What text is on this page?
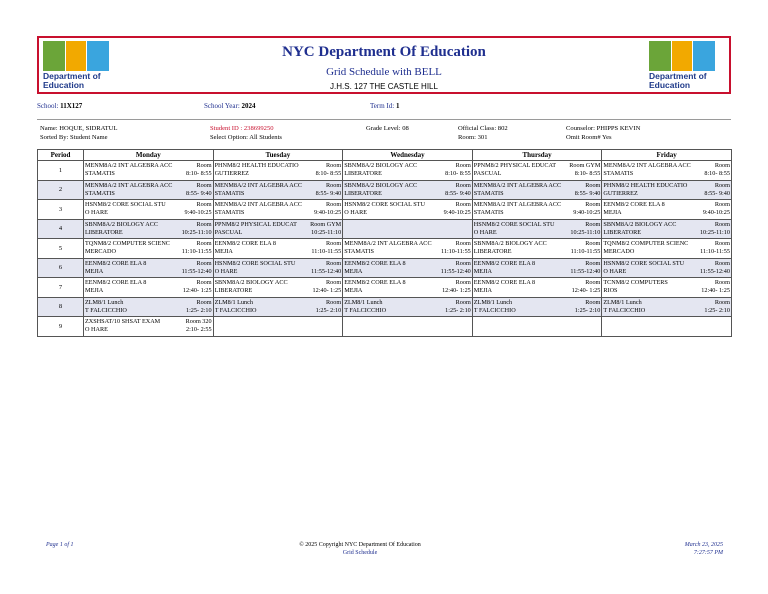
Department of
Education
NYC Department Of Education
Grid Schedule with BELL
J.H.S. 127 THE CASTLE HILL
Department of
Education
School: 11X127	School Year: 2024	Term Id: 1
Name: HOQUE, SIDRATUL
Sorted By: Student Name
Student ID : 238699250
Select Option: All Students
Grade Level: 08	Official Class: 802
Room: 301
Counselor: PHIPPS KEVIN
Omit Room# Yes
Period	Monday	Tuesday	Wednesday	Thursday	Friday
1	MENM8A/2 INT ALGEBRA ACC Room
STAMATIS 8:10- 8:55	PHNM8/2 HEALTH EDUCATIO Room
GUTIERREZ 8:10- 8:55	SBNM8A/2 BIOLOGY ACC Room
LIBERATORE 8:10- 8:55	PPNM8/2 PHYSICAL EDUCAT Room GYM
PASCUAL 8:10- 8:55	MENM8A/2 INT ALGEBRA ACC Room
STAMATIS 8:10- 8:55

2	MENM8A/2 INT ALGEBRA ACC Room
STAMATIS 8:55- 9:40	MENM8A/2 INT ALGEBRA ACC Room
STAMATIS 8:55- 9:40	SBNM8A/2 BIOLOGY ACC Room
LIBERATORE 8:55- 9:40	MENM8A/2 INT ALGEBRA ACC Room
STAMATIS 8:55- 9:40	PHNM8/2 HEALTH EDUCATIO Room
GUTIERREZ 8:55- 9:40

3	HSNM8/2 CORE SOCIAL STU Room
O HARE 9:40-10:25	MENM8A/2 INT ALGEBRA ACC Room
STAMATIS 9:40-10:25	HSNM8/2 CORE SOCIAL STU Room
O HARE 9:40-10:25	MENM8A/2 INT ALGEBRA ACC Room
STAMATIS 9:40-10:25	EENM8/2 CORE ELA 8 Room
MEJIA 9:40-10:25

4	SBNM8A/2 BIOLOGY ACC Room
LIBERATORE 10:25-11:10	PPNM8/2 PHYSICAL EDUCAT Room GYM
PASCUAL 10:25-11:10		HSNM8/2 CORE SOCIAL STU Room
O HARE 10:25-11:10	SBNM8A/2 BIOLOGY ACC Room
LIBERATORE 10:25-11:10

5	TQNM8/2 COMPUTER SCIENC Room
MERCADO 11:10-11:55	EENM8/2 CORE ELA 8 Room
MEJIA 11:10-11:55	MENM8A/2 INT ALGEBRA ACC Room
STAMATIS 11:10-11:55	SBNM8A/2 BIOLOGY ACC Room
LIBERATORE 11:10-11:55	TQNM8/2 COMPUTER SCIENC Room
MERCADO 11:10-11:55

6	EENM8/2 CORE ELA 8 Room
MEJIA 11:55-12:40	HSNM8/2 CORE SOCIAL STU Room
O HARE 11:55-12:40	EENM8/2 CORE ELA 8 Room
MEJIA 11:55-12:40	EENM8/2 CORE ELA 8 Room
MEJIA 11:55-12:40	HSNM8/2 CORE SOCIAL STU Room
O HARE 11:55-12:40

7	EENM8/2 CORE ELA 8 Room
MEJIA 12:40- 1:25	SBNM8A/2 BIOLOGY ACC Room
LIBERATORE 12:40- 1:25	EENM8/2 CORE ELA 8 Room
MEJIA 12:40- 1:25	EENM8/2 CORE ELA 8 Room
MEJIA 12:40- 1:25	TCNM8/2 COMPUTERS Room
RIOS 12:40- 1:25

8	ZLM8/1 Lunch Room
T FALCICCHIO 1:25- 2:10	ZLM8/1 Lunch Room
T FALCICCHIO 1:25- 2:10	ZLM8/1 Lunch Room
T FALCICCHIO 1:25- 2:10	ZLM8/1 Lunch Room
T FALCICCHIO 1:25- 2:10	ZLM8/1 Lunch Room
T FALCICCHIO 1:25- 2:10

9	ZXSHSAT/10 SHSAT EXAM Room 320
O HARE 2:10- 2:55				

Page 1 of 1	© 2025 Copyright NYC Department Of Education
Grid Schedule
March 23, 2025
7:27:57 PM
